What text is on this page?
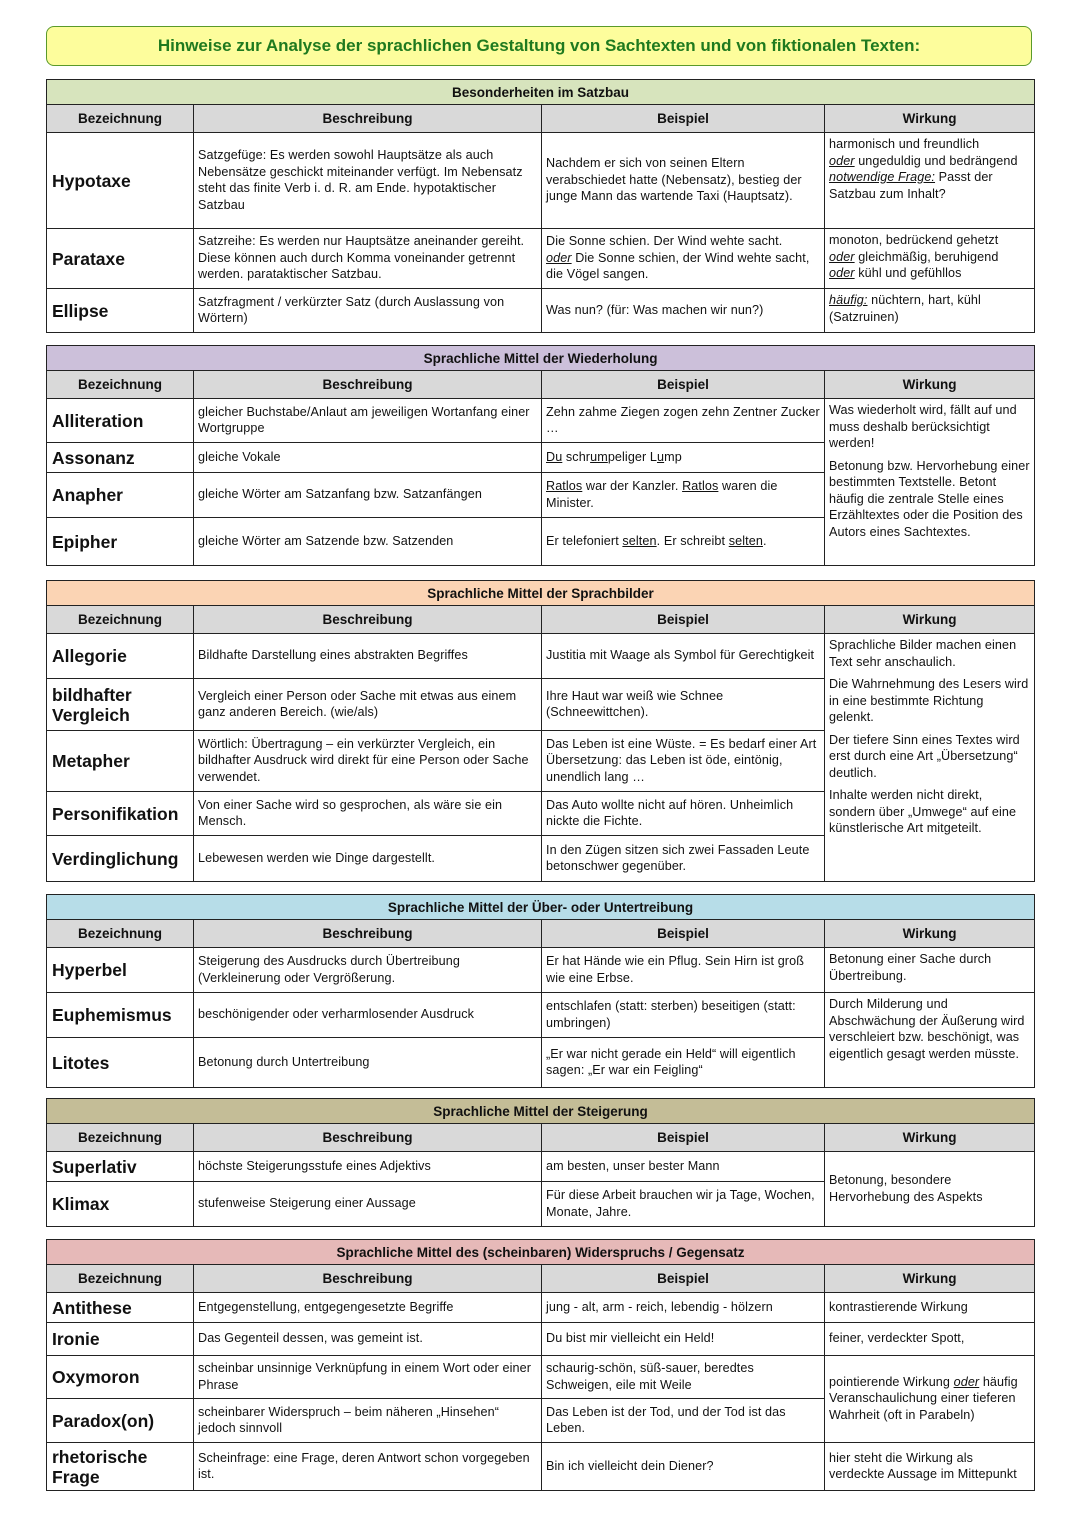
Hinweise zur Analyse der sprachlichen Gestaltung von Sachtexten und von fiktionalen Texten:
Besonderheiten im Satzbau			
Bezeichnung	Beschreibung	Beispiel	Wirkung
Hypotaxe	Satzgefüge: Es werden sowohl Hauptsätze als auch Nebensätze geschickt miteinander verfügt. Im Nebensatz steht das finite Verb i. d. R. am Ende. hypotaktischer Satzbau	Nachdem er sich von seinen Eltern verabschiedet hatte (Nebensatz), bestieg der junge Mann das wartende Taxi (Hauptsatz).	harmonisch und freundlich
oder ungeduldig und bedrängend
notwendige Frage: Passt der Satzbau zum Inhalt?
Parataxe	Satzreihe: Es werden nur Hauptsätze aneinander gereiht. Diese können auch durch Komma voneinander getrennt werden. parataktischer Satzbau.	Die Sonne schien. Der Wind wehte sacht.
oder Die Sonne schien, der Wind wehte sacht, die Vögel sangen.	monoton, bedrückend gehetzt
oder gleichmäßig, beruhigend
oder kühl und gefühllos
Ellipse	Satzfragment / verkürzter Satz (durch Auslassung von Wörtern)	Was nun? (für: Was machen wir nun?)	häufig: nüchtern, hart, kühl (Satzruinen)
Sprachliche Mittel der Wiederholung			
Bezeichnung	Beschreibung	Beispiel	Wirkung
Alliteration	gleicher Buchstabe/Anlaut am jeweiligen Wortanfang einer Wortgruppe	Zehn zahme Ziegen zogen zehn Zentner Zucker …	Was wiederholt wird, fällt auf und muss deshalb berücksichtigt werden!
Betonung bzw. Hervorhebung einer bestimmten Textstelle. Betont häufig die zentrale Stelle eines Erzähltextes oder die Position des Autors eines Sachtextes.

Assonanz	gleiche Vokale	Du schrumpeliger Lump	
Anapher	gleiche Wörter am Satzanfang bzw. Satzanfängen	Ratlos war der Kanzler. Ratlos waren die Minister.	
Epipher	gleiche Wörter am Satzende bzw. Satzenden	Er telefoniert selten. Er schreibt selten.	
Sprachliche Mittel der Sprachbilder			
Bezeichnung	Beschreibung	Beispiel	Wirkung
Allegorie	Bildhafte Darstellung eines abstrakten Begriffes	Justitia mit Waage als Symbol für Gerechtigkeit	Sprachliche Bilder machen einen Text sehr anschaulich.
Die Wahrnehmung des Lesers wird in eine bestimmte Richtung gelenkt.
Der tiefere Sinn eines Textes wird erst durch eine Art „Übersetzung“ deutlich.
Inhalte werden nicht direkt, sondern über „Umwege“ auf eine künstlerische Art mitgeteilt.

bildhafter Vergleich	Vergleich einer Person oder Sache mit etwas aus einem ganz anderen Bereich. (wie/als)	Ihre Haut war weiß wie Schnee (Schneewittchen).	
Metapher	Wörtlich: Übertragung – ein verkürzter Vergleich, ein bildhafter Ausdruck wird direkt für eine Person oder Sache verwendet.	Das Leben ist eine Wüste. = Es bedarf einer Art Übersetzung: das Leben ist öde, eintönig, unendlich lang …	
Personifikation	Von einer Sache wird so gesprochen, als wäre sie ein Mensch.	Das Auto wollte nicht auf hören. Unheimlich nickte die Fichte.	
Verdinglichung	Lebewesen werden wie Dinge dargestellt.	In den Zügen sitzen sich zwei Fassaden Leute betonschwer gegenüber.	
Sprachliche Mittel der Über- oder Untertreibung			
Bezeichnung	Beschreibung	Beispiel	Wirkung
Hyperbel	Steigerung des Ausdrucks durch Übertreibung (Verkleinerung oder Vergrößerung.	Er hat Hände wie ein Pflug. Sein Hirn ist groß wie eine Erbse.	Betonung einer Sache durch Übertreibung.
Euphemismus	beschönigender oder verharmlosender Ausdruck	entschlafen (statt: sterben) beseitigen (statt: umbringen)	Durch Milderung und Abschwächung der Äußerung wird verschleiert bzw. beschönigt, was eigentlich gesagt werden müsste.
Litotes	Betonung durch Untertreibung	„Er war nicht gerade ein Held“ will eigentlich sagen: „Er war ein Feigling“	
Sprachliche Mittel der Steigerung			
Bezeichnung	Beschreibung	Beispiel	Wirkung
Superlativ	höchste Steigerungsstufe eines Adjektivs	am besten, unser bester Mann	Betonung, besondere Hervorhebung des Aspekts
Klimax	stufenweise Steigerung einer Aussage	Für diese Arbeit brauchen wir ja Tage, Wochen, Monate, Jahre.	
Sprachliche Mittel des (scheinbaren) Widerspruchs / Gegensatz			
Bezeichnung	Beschreibung	Beispiel	Wirkung
Antithese	Entgegenstellung, entgegengesetzte Begriffe	jung - alt, arm - reich, lebendig - hölzern	kontrastierende Wirkung
Ironie	Das Gegenteil dessen, was gemeint ist.	Du bist mir vielleicht ein Held!	feiner, verdeckter Spott,
Oxymoron	scheinbar unsinnige Verknüpfung in einem Wort oder einer Phrase	schaurig-schön, süß-sauer, beredtes Schweigen, eile mit Weile	pointierende Wirkung oder häufig Veranschaulichung einer tieferen Wahrheit (oft in Parabeln)
Paradox(on)	scheinbarer Widerspruch – beim näheren „Hinsehen“ jedoch sinnvoll	Das Leben ist der Tod, und der Tod ist das Leben.	
rhetorische Frage	Scheinfrage: eine Frage, deren Antwort schon vorgegeben ist.	Bin ich vielleicht dein Diener?	hier steht die Wirkung als verdeckte Aussage im Mittepunkt
